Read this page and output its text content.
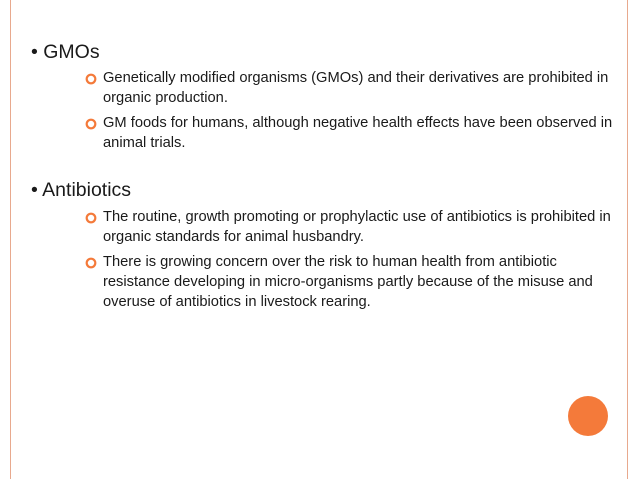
• GMOs
Genetically modified organisms (GMOs) and their derivatives are prohibited in organic production.
GM foods for humans, although negative health effects have been observed in animal trials.
• Antibiotics
The routine, growth promoting or prophylactic use of antibiotics is prohibited in organic standards for animal husbandry.
There is growing concern over the risk to human health from antibiotic resistance developing in micro-organisms partly because of the misuse and overuse of antibiotics in livestock rearing.
